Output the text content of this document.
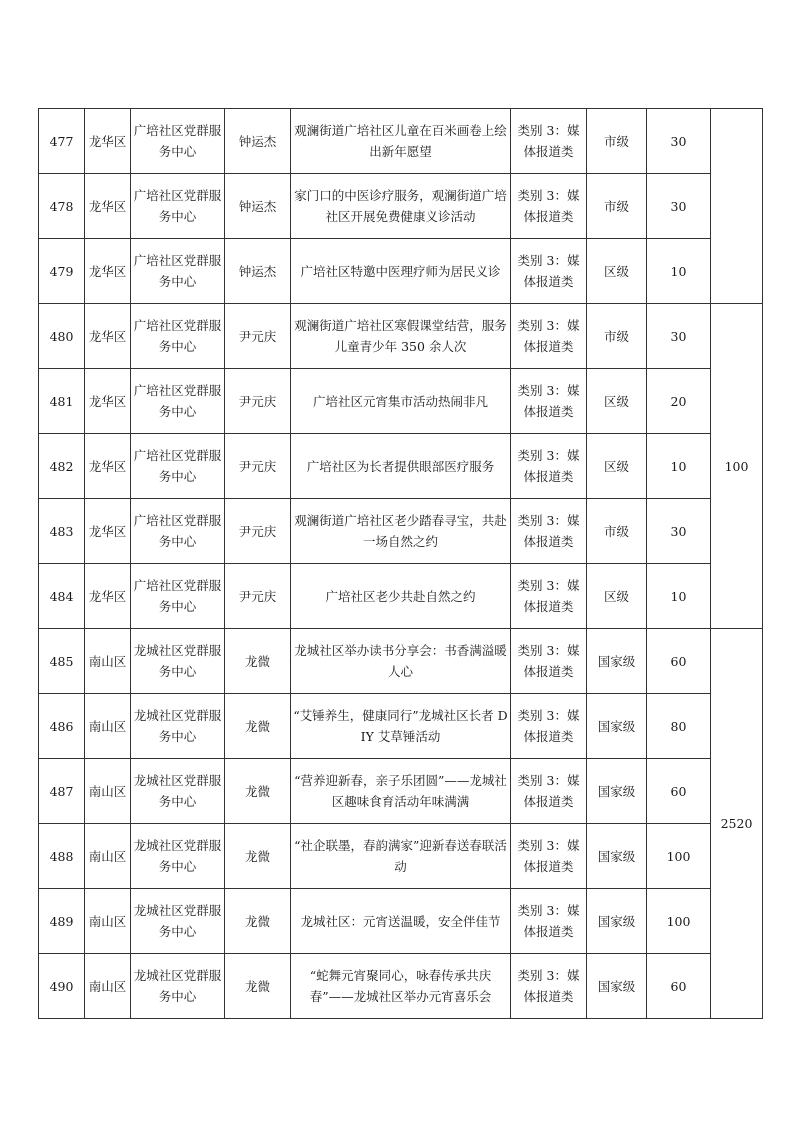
477	龙华区	广培社区党群服务中心	钟运杰	观澜街道广培社区儿童在百米画卷上绘出新年愿望	类别 3：媒体报道类	市级	30	
478	龙华区	广培社区党群服务中心	钟运杰	家门口的中医诊疗服务，观澜街道广培社区开展免费健康义诊活动	类别 3：媒体报道类	市级	30	
479	龙华区	广培社区党群服务中心	钟运杰	广培社区特邀中医理疗师为居民义诊	类别 3：媒体报道类	区级	10	
480	龙华区	广培社区党群服务中心	尹元庆	观澜街道广培社区寒假课堂结营，服务儿童青少年 350 余人次	类别 3：媒体报道类	市级	30	100
481	龙华区	广培社区党群服务中心	尹元庆	广培社区元宵集市活动热闹非凡	类别 3：媒体报道类	区级	20	
482	龙华区	广培社区党群服务中心	尹元庆	广培社区为长者提供眼部医疗服务	类别 3：媒体报道类	区级	10	
483	龙华区	广培社区党群服务中心	尹元庆	观澜街道广培社区老少踏春寻宝，共赴一场自然之约	类别 3：媒体报道类	市级	30	
484	龙华区	广培社区党群服务中心	尹元庆	广培社区老少共赴自然之约	类别 3：媒体报道类	区级	10	
485	南山区	龙城社区党群服务中心	龙微	龙城社区举办读书分享会：书香满溢暖人心	类别 3：媒体报道类	国家级	60	2520
486	南山区	龙城社区党群服务中心	龙微	“艾锤养生，健康同行”龙城社区长者 DIY 艾草锤活动	类别 3：媒体报道类	国家级	80	
487	南山区	龙城社区党群服务中心	龙微	“营养迎新春，亲子乐团圆”——龙城社区趣味食育活动年味满满	类别 3：媒体报道类	国家级	60	
488	南山区	龙城社区党群服务中心	龙微	“社企联墨，春韵满家”迎新春送春联活动	类别 3：媒体报道类	国家级	100	
489	南山区	龙城社区党群服务中心	龙微	龙城社区：元宵送温暖，安全伴佳节	类别 3：媒体报道类	国家级	100	
490	南山区	龙城社区党群服务中心	龙微	“蛇舞元宵聚同心，咏春传承共庆春”——龙城社区举办元宵喜乐会	类别 3：媒体报道类	国家级	60	
